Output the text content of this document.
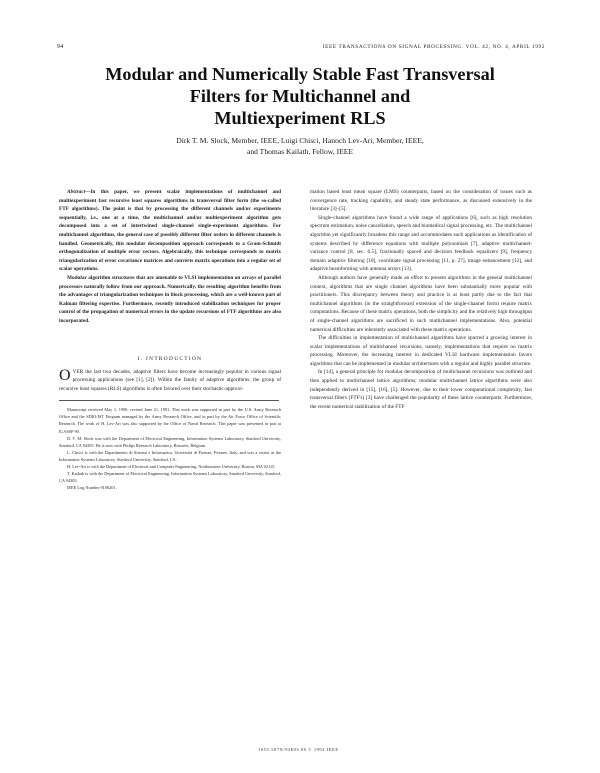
94	IEEE TRANSACTIONS ON SIGNAL PROCESSING. VOL. 42, NO. 4, APRIL 1992
Modular and Numerically Stable Fast Transversal
Filters for Multichannel and
Multiexperiment RLS
Dirk T. M. Slock, Member, IEEE, Luigi Chisci, Hanoch Lev-Ari, Member, IEEE,
and Thomas Kailath, Fellow, IEEE

Abstract—In this paper, we present scalar implementations of multichannel and multiexperiment fast recursive least squares algorithms in transversal filter form (the so-called FTF algorithms). The point is that by processing the different channels and/or experiments sequentially, i.e., one at a time, the multichannel and/or multiexperiment algorithm gets decomposed into a set of intertwined single-channel single-experiment algorithms. For multichannel algorithms, the general case of possibly different filter orders in different channels is handled. Geometrically, this modular decomposition approach corresponds to a Gram-Schmidt orthogonalization of multiple error vectors. Algebraically, this technique corresponds to matrix triangularization of error covariance matrices and converts matrix operations into a regular set of scalar operations.

Modular algorithm structures that are amenable to VLSI implementation on arrays of parallel processors naturally follow from our approach. Numerically, the resulting algorithm benefits from the advantages of triangularization techniques in block processing, which are a well-known part of Kalman filtering expertise. Furthermore, recently introduced stabilization techniques for proper control of the propagation of numerical errors in the update recursions of FTF algorithms are also incorporated.

I. INTRODUCTION

OVER the last two decades, adaptive filters have become increasingly popular in various signal processing applications (see [1], [2]). Within the family of adaptive algorithms, the group of recursive least squares (RLS) algorithms is often favored over their stochastic-approxi-

Manuscript received May 1, 1990; revised June 21, 1991. This work was supported in part by the U.S. Army Research Office and the SDIO/IST Program managed by the Army Research Office, and in part by the Air Force Office of Scientific Research. The work of H. Lev-Ari was also supported by the Office of Naval Research. This paper was presented in part at ICASSP 90.

D. T. M. Slock was with the Department of Electrical Engineering, Information Systems Laboratory, Stanford University, Stanford, CA 94305. He is now with Philips Research Laboratory, Brussels, Belgium.

L. Chisci is with the Dipartimento di Sistemi e Informatica, Università di Firenze, Firenze, Italy, and was a visitor at the Information Systems Laboratory, Stanford University, Stanford, CA.

H. Lev-Ari is with the Department of Electrical and Computer Engineering, Northeastern University, Boston, MA 02115.

T. Kailath is with the Department of Electrical Engineering, Information Systems Laboratory, Stanford University, Stanford, CA 94305.

IEEE Log Number 9106201.

mation based least mean square (LMS) counterparts, based on the consideration of issues such as convergence rate, tracking capability, and steady state performance, as discussed extensively in the literature [3]–[5].

Single-channel algorithms have found a wide range of applications [6], such as high resolution spectrum estimation, noise cancellation, speech and biomedical signal processing, etc. The multichannel algorithm yet significantly broadens this range and accommodates such applications as identification of systems described by difference equations with multiple polynomials [7], adaptive multichannel-variance control [8, sec. 6.5], fractionally spaced and decision feedback equalizers [9], frequency domain adaptive filtering [10], coordinate signal processing [11, p. 27], image enhancement [12], and adaptive beamforming with antenna arrays [13].

Although authors have generally made an effort to present algorithms in the general multichannel context, algorithms that are single channel algorithms have been substantially more popular with practitioners. This discrepancy between theory and practice is at least partly due to the fact that multichannel algorithms (in the straightforward extension of the single-channel form) require matrix computations. Because of these matrix operations, both the simplicity and the relatively high throughput of single-channel algorithms are sacrificed in such multichannel implementations. Also, potential numerical difficulties are inherently associated with these matrix operations.

The difficulties in implementation of multichannel algorithms have spurred a growing interest in scalar implementations of multichannel recursions, namely, implementations that require no matrix processing. Moreover, the increasing interest in dedicated VLSI hardware implementation favors algorithms that can be implemented in modular architectures with a regular and highly parallel structure.

In [14], a general principle for modular decomposition of multichannel recursions was outlined and then applied to multichannel lattice algorithms; modular multichannel lattice algorithms were also independently derived in [15], [16], [5]. However, due to their lower computational complexity, fast transversal filters (FTF's) [3] have challenged the popularity of these lattice counterparts. Furthermore, the recent numerical stabilization of the FTF

1053-587X/92$03.00 © 1992 IEEE
